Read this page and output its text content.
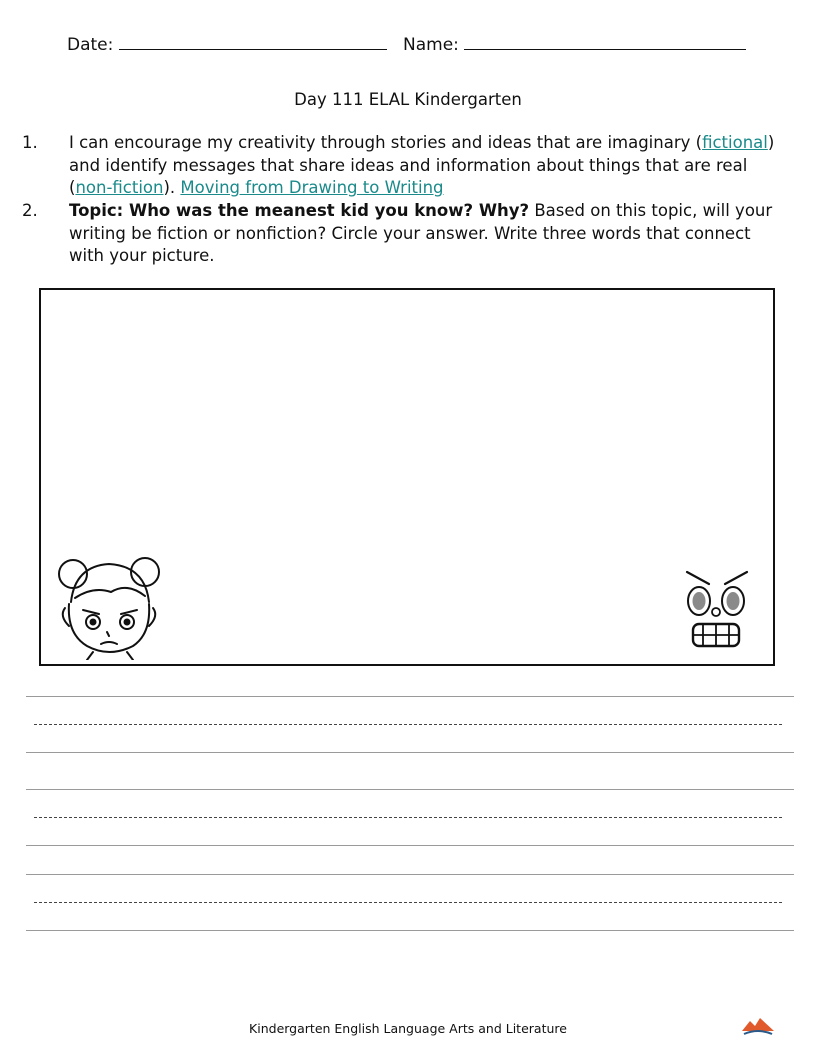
Date:	Name:
Day 111 ELAL Kindergarten
1. I can encourage my creativity through stories and ideas that are imaginary (fictional) and identify messages that share ideas and information about things that are real (non-fiction). Moving from Drawing to Writing
2. Topic: Who was the meanest kid you know? Why? Based on this topic, will your writing be fiction or nonfiction? Circle your answer. Write three words that connect with your picture.
Kindergarten English Language Arts and Literature
